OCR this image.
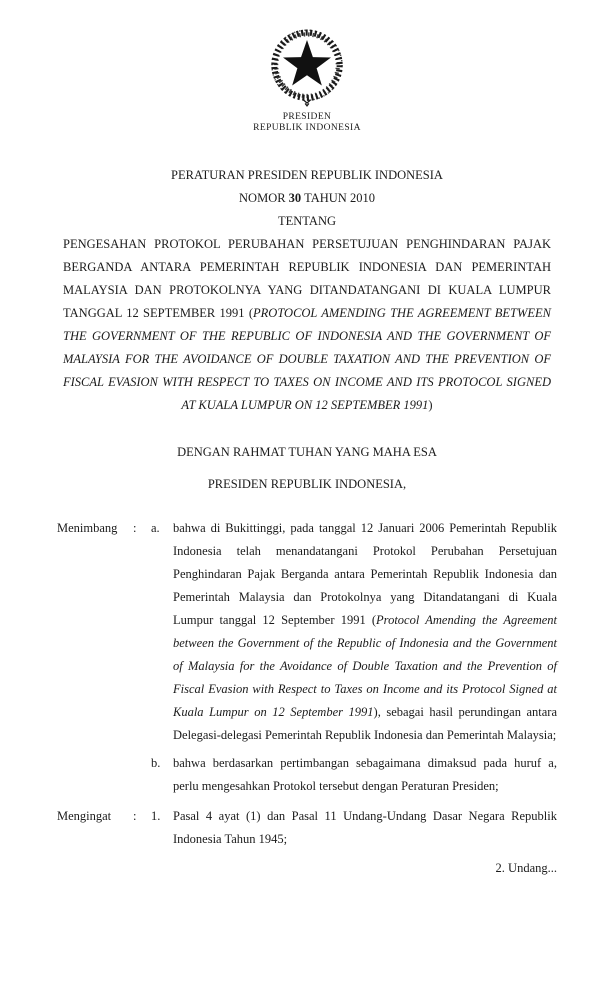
PRESIDEN
REPUBLIK INDONESIA
PERATURAN PRESIDEN REPUBLIK INDONESIA
NOMOR 30 TAHUN 2010
TENTANG
PENGESAHAN PROTOKOL PERUBAHAN PERSETUJUAN PENGHINDARAN PAJAK BERGANDA ANTARA PEMERINTAH REPUBLIK INDONESIA DAN PEMERINTAH MALAYSIA DAN PROTOKOLNYA YANG DITANDATANGANI DI KUALA LUMPUR TANGGAL 12 SEPTEMBER 1991 (PROTOCOL AMENDING THE AGREEMENT BETWEEN THE GOVERNMENT OF THE REPUBLIC OF INDONESIA AND THE GOVERNMENT OF MALAYSIA FOR THE AVOIDANCE OF DOUBLE TAXATION AND THE PREVENTION OF FISCAL EVASION WITH RESPECT TO TAXES ON INCOME AND ITS PROTOCOL SIGNED AT KUALA LUMPUR ON 12 SEPTEMBER 1991)
DENGAN RAHMAT TUHAN YANG MAHA ESA
PRESIDEN REPUBLIK INDONESIA,
Menimbang	:	a.	bahwa di Bukittinggi, pada tanggal 12 Januari 2006 Pemerintah Republik Indonesia telah menandatangani Protokol Perubahan Persetujuan Penghindaran Pajak Berganda antara Pemerintah Republik Indonesia dan Pemerintah Malaysia dan Protokolnya yang Ditandatangani di Kuala Lumpur tanggal 12 September 1991 (Protocol Amending the Agreement between the Government of the Republic of Indonesia and the Government of Malaysia for the Avoidance of Double Taxation and the Prevention of Fiscal Evasion with Respect to Taxes on Income and its Protocol Signed at Kuala Lumpur on 12 September 1991), sebagai hasil perundingan antara Delegasi-delegasi Pemerintah Republik Indonesia dan Pemerintah Malaysia;
b.	bahwa berdasarkan pertimbangan sebagaimana dimaksud pada huruf a, perlu mengesahkan Protokol tersebut dengan Peraturan Presiden;
Mengingat	:	1.	Pasal 4 ayat (1) dan Pasal 11 Undang-Undang Dasar Negara Republik Indonesia Tahun 1945;
2. Undang...
